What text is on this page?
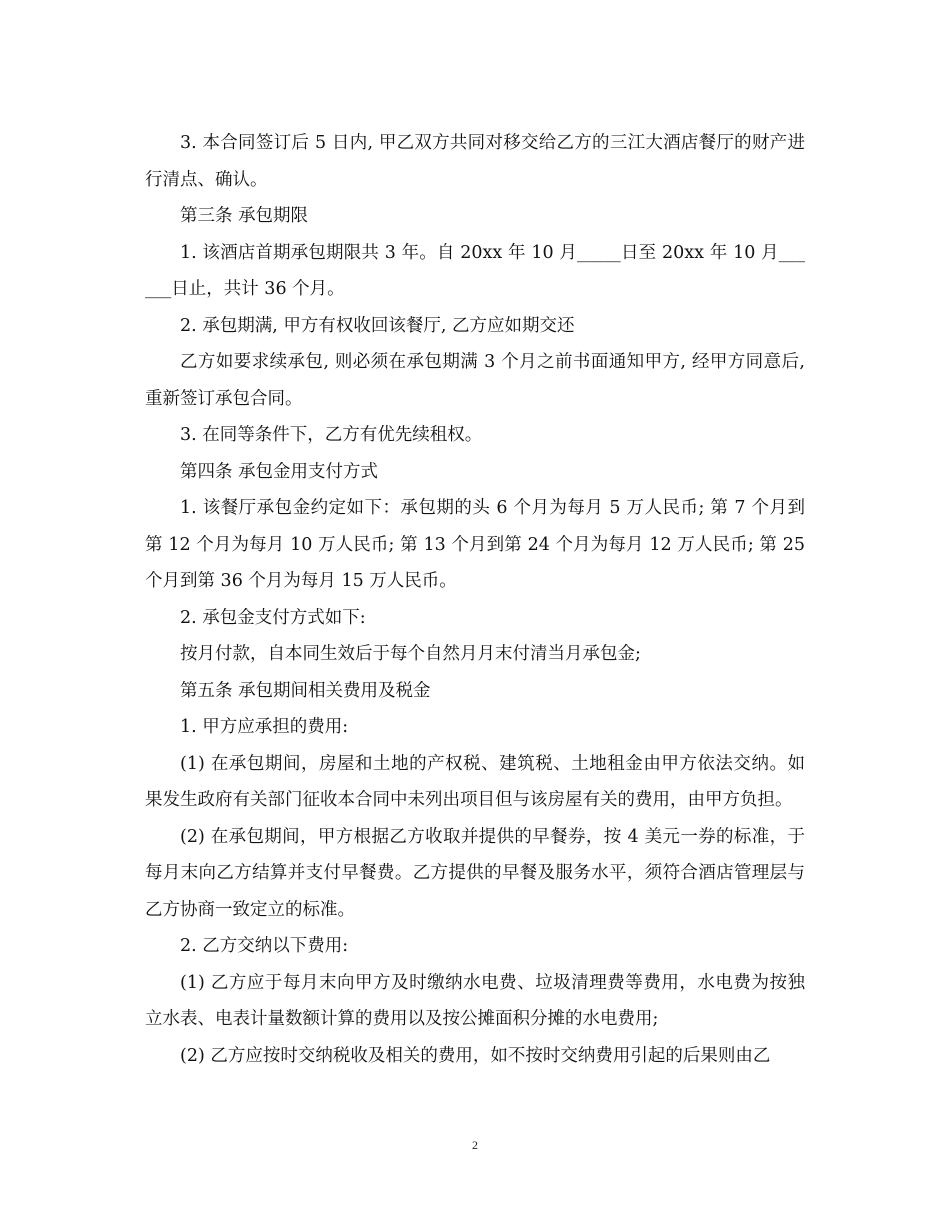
3. 本合同签订后 5 日内, 甲乙双方共同对移交给乙方的三江大酒店餐厅的财产进行清点、确认。

第三条 承包期限

1. 该酒店首期承包期限共 3 年。自 20xx 年 10 月_____日至 20xx 年 10 月______日止，共计 36 个月。

2. 承包期满, 甲方有权收回该餐厅, 乙方应如期交还

乙方如要求续承包, 则必须在承包期满 3 个月之前书面通知甲方, 经甲方同意后, 重新签订承包合同。

3. 在同等条件下，乙方有优先续租权。

第四条 承包金用支付方式

1. 该餐厅承包金约定如下：承包期的头 6 个月为每月 5 万人民币; 第 7 个月到第 12 个月为每月 10 万人民币; 第 13 个月到第 24 个月为每月 12 万人民币; 第 25 个月到第 36 个月为每月 15 万人民币。

2. 承包金支付方式如下:

按月付款，自本同生效后于每个自然月月末付清当月承包金;

第五条 承包期间相关费用及税金

1. 甲方应承担的费用:

(1) 在承包期间，房屋和土地的产权税、建筑税、土地租金由甲方依法交纳。如果发生政府有关部门征收本合同中未列出项目但与该房屋有关的费用，由甲方负担。

(2) 在承包期间，甲方根据乙方收取并提供的早餐券，按 4 美元一券的标准，于每月末向乙方结算并支付早餐费。乙方提供的早餐及服务水平，须符合酒店管理层与乙方协商一致定立的标准。

2. 乙方交纳以下费用:

(1) 乙方应于每月末向甲方及时缴纳水电费、垃圾清理费等费用，水电费为按独立水表、电表计量数额计算的费用以及按公摊面积分摊的水电费用;

(2) 乙方应按时交纳税收及相关的费用，如不按时交纳费用引起的后果则由乙

2
